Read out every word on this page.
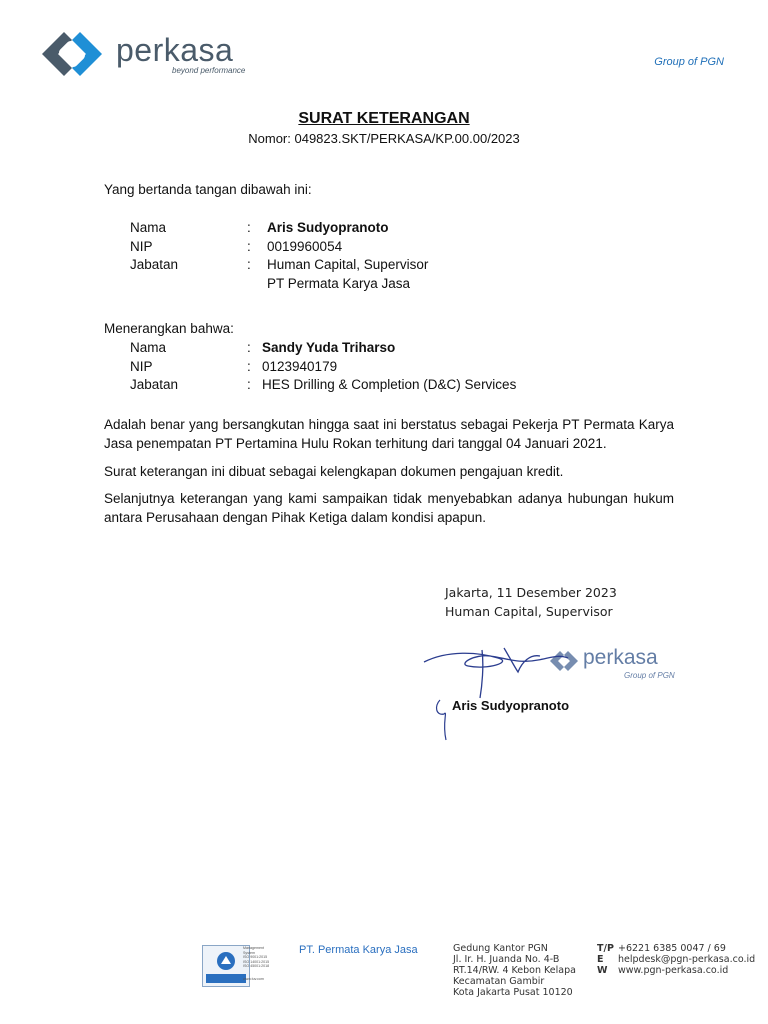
perkasa
beyond performance
Group of PGN
SURAT KETERANGAN
Nomor: 049823.SKT/PERKASA/KP.00.00/2023
Yang bertanda tangan dibawah ini:
Nama	: Aris Sudyopranoto
NIP	: 0019960054
Jabatan	: Human Capital, Supervisor
PT Permata Karya Jasa
Menerangkan bahwa:
Nama	: Sandy Yuda Triharso
NIP	: 0123940179
Jabatan	: HES Drilling & Completion (D&C) Services
Adalah benar yang bersangkutan hingga saat ini berstatus sebagai Pekerja PT Permata Karya Jasa penempatan PT Pertamina Hulu Rokan terhitung dari tanggal 04 Januari 2021.
Surat keterangan ini dibuat sebagai kelengkapan dokumen pengajuan kredit.
Selanjutnya keterangan yang kami sampaikan tidak menyebabkan adanya hubungan hukum antara Perusahaan dengan Pihak Ketiga dalam kondisi apapun.
Jakarta, 11 Desember 2023
Human Capital, Supervisor
perkasa
Group of PGN
Aris Sudyopranoto
Management
System
ISO 9001:2015
ISO 14001:2015
ISO 45001:2018
www.tuv.com
PT. Permata Karya Jasa	Gedung Kantor PGN
Jl. Ir. H. Juanda No. 4-B
RT.14/RW. 4 Kebon Kelapa
Kecamatan Gambir
Kota Jakarta Pusat 10120
T/P +6221 6385 0047 / 69
E helpdesk@pgn-perkasa.co.id
W www.pgn-perkasa.co.id
